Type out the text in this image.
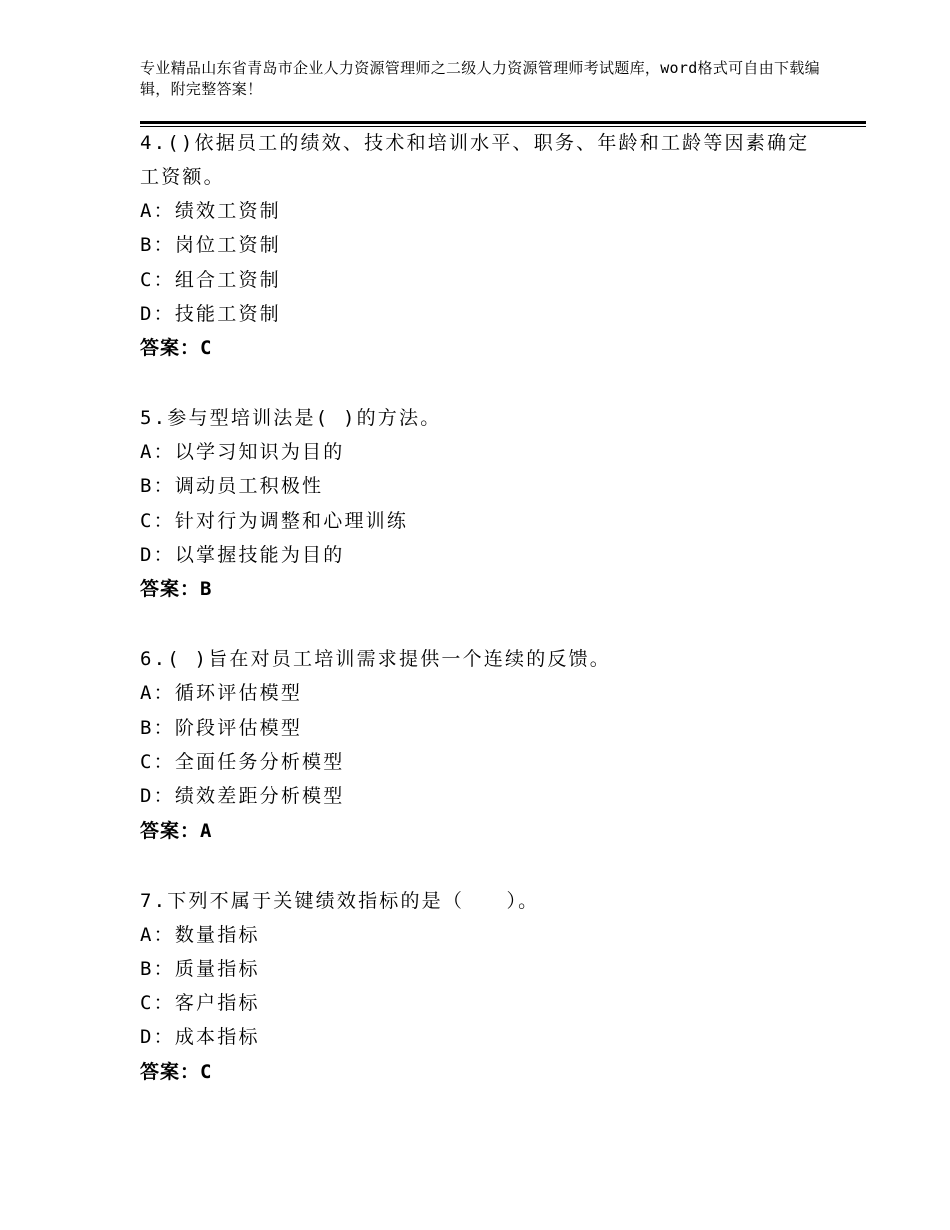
专业精品山东省青岛市企业人力资源管理师之二级人力资源管理师考试题库，word格式可自由下载编辑，附完整答案！

4.()依据员工的绩效、技术和培训水平、职务、年龄和工龄等因素确定工资额。

A：绩效工资制

B：岗位工资制

C：组合工资制

D：技能工资制

答案：C

5.参与型培训法是( )的方法。

A：以学习知识为目的

B：调动员工积极性

C：针对行为调整和心理训练

D：以掌握技能为目的

答案：B

6.( )旨在对员工培训需求提供一个连续的反馈。

A：循环评估模型

B：阶段评估模型

C：全面任务分析模型

D：绩效差距分析模型

答案：A

7.下列不属于关键绩效指标的是（　　）。

A：数量指标

B：质量指标

C：客户指标

D：成本指标

答案：C
